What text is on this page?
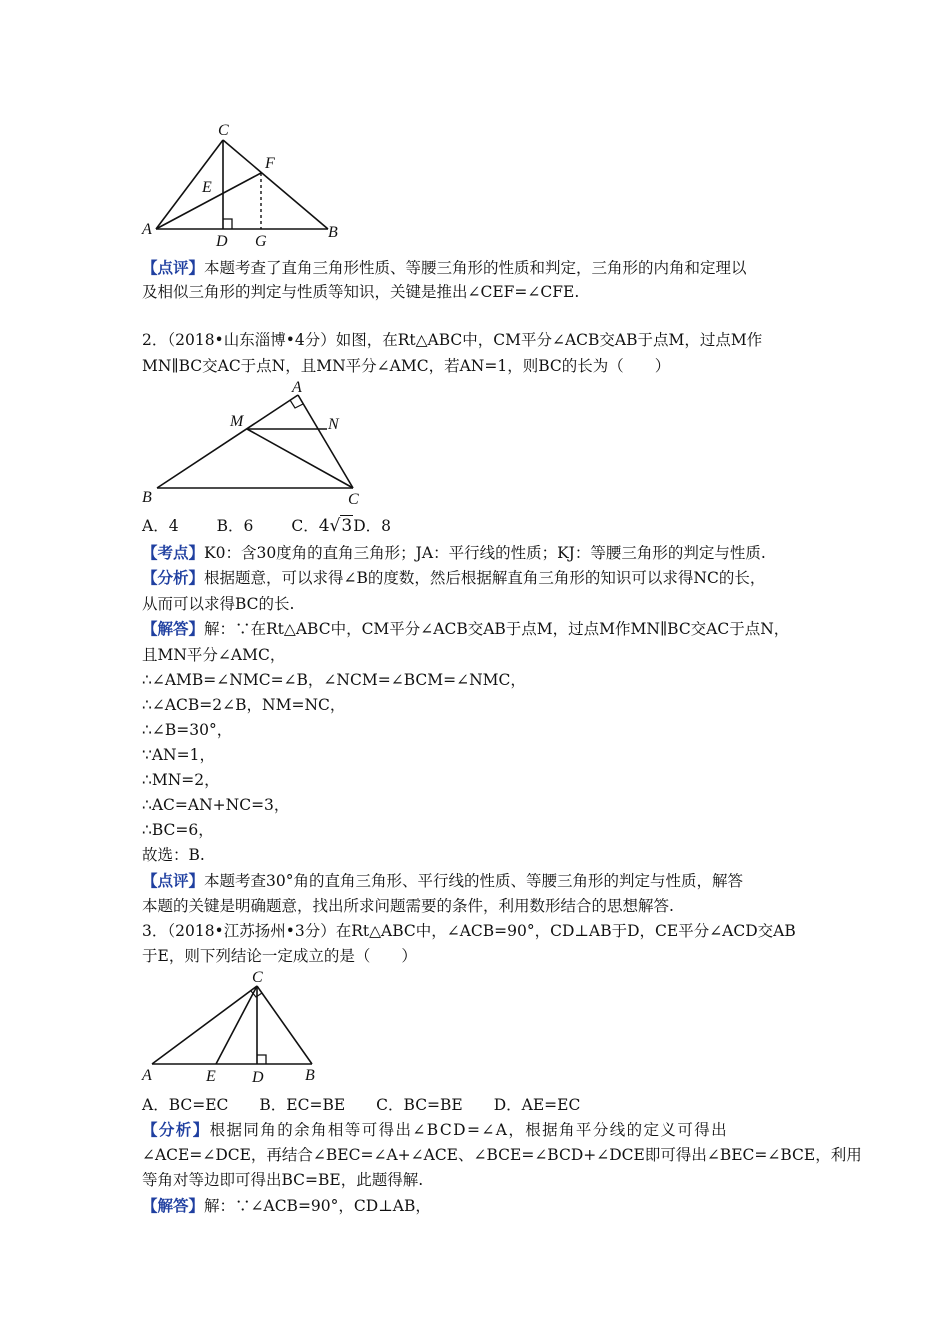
C
F
E
A
D G
B
【点评】本题考查了直角三角形性质、等腰三角形的性质和判定，三角形的内角和定理以
及相似三角形的判定与性质等知识，关键是推出∠CEF=∠CFE.
2．（2018•山东淄博•4分）如图，在Rt△ABC中，CM平分∠ACB交AB于点M，过点M作
MN∥BC交AC于点N，且MN平分∠AMC，若AN=1，则BC的长为（　　）
A
M	N
B	C
A．4 B．6 C．4√3D．8
【考点】K0：含30度角的直角三角形；JA：平行线的性质；KJ：等腰三角形的判定与性质.
【分析】根据题意，可以求得∠B的度数，然后根据解直角三角形的知识可以求得NC的长，
从而可以求得BC的长.
【解答】解：∵在Rt△ABC中，CM平分∠ACB交AB于点M，过点M作MN∥BC交AC于点N，
且MN平分∠AMC，
∴∠AMB=∠NMC=∠B，∠NCM=∠BCM=∠NMC，
∴∠ACB=2∠B，NM=NC，
∴∠B=30°，
∵AN=1，
∴MN=2，
∴AC=AN+NC=3，
∴BC=6，
故选：B.
【点评】本题考查30°角的直角三角形、平行线的性质、等腰三角形的判定与性质，解答
本题的关键是明确题意，找出所求问题需要的条件，利用数形结合的思想解答.
3．（2018•江苏扬州•3分）在Rt△ABC中，∠ACB=90°，CD⊥AB于D，CE平分∠ACD交AB
于E，则下列结论一定成立的是（　　）
C
A	E D	B
A．BC=EC　　B．EC=BE　　C．BC=BE　　D．AE=EC
【分析】根据同角的余角相等可得出∠BCD=∠A，根据角平分线的定义可得出
∠ACE=∠DCE，再结合∠BEC=∠A+∠ACE、∠BCE=∠BCD+∠DCE即可得出∠BEC=∠BCE，利用
等角对等边即可得出BC=BE，此题得解.
【解答】解：∵∠ACB=90°，CD⊥AB，
